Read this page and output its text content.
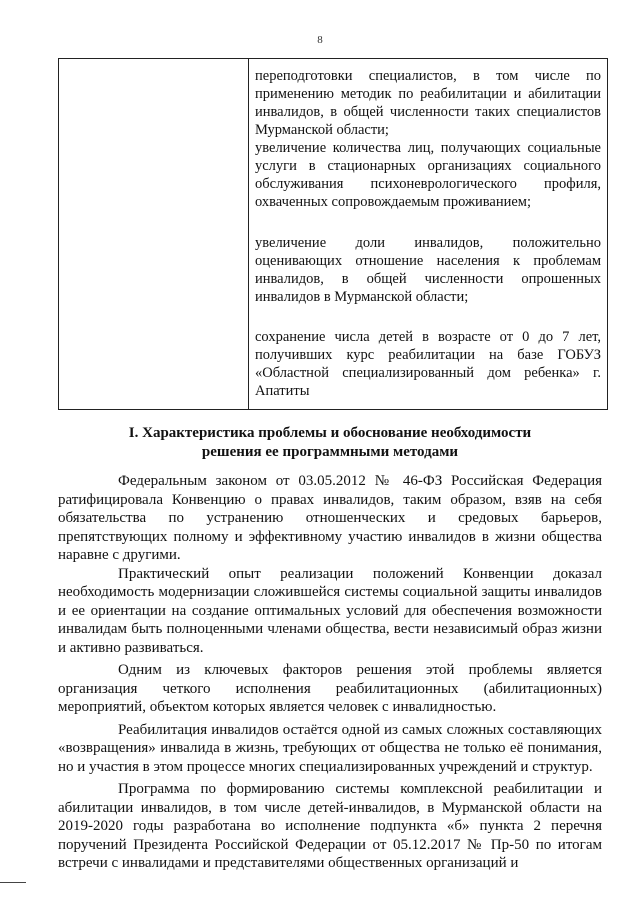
8
переподготовки специалистов, в том числе по применению методик по реабилитации и абилитации инвалидов, в общей численности таких специалистов Мурманской области;
увеличение количества лиц, получающих социальные услуги в стационарных организациях социального обслуживания психоневрологического профиля, охваченных сопровождаемым проживанием;
увеличение доли инвалидов, положительно оценивающих отношение населения к проблемам инвалидов, в общей численности опрошенных инвалидов в Мурманской области;
сохранение числа детей в возрасте от 0 до 7 лет, получивших курс реабилитации на базе ГОБУЗ «Областной специализированный дом ребенка» г. Апатиты
I. Характеристика проблемы и обоснование необходимости
решения ее программными методами

Федеральным законом от 03.05.2012 № 46-ФЗ Российская Федерация ратифицировала Конвенцию о правах инвалидов, таким образом, взяв на себя обязательства по устранению отношенческих и средовых барьеров, препятствующих полному и эффективному участию инвалидов в жизни общества наравне с другими.

Практический опыт реализации положений Конвенции доказал необходимость модернизации сложившейся системы социальной защиты инвалидов и ее ориентации на создание оптимальных условий для обеспечения возможности инвалидам быть полноценными членами общества, вести независимый образ жизни и активно развиваться.

Одним из ключевых факторов решения этой проблемы является организация четкого исполнения реабилитационных (абилитационных) мероприятий, объектом которых является человек с инвалидностью.

Реабилитация инвалидов остаётся одной из самых сложных составляющих «возвращения» инвалида в жизнь, требующих от общества не только её понимания, но и участия в этом процессе многих специализированных учреждений и структур.

Программа по формированию системы комплексной реабилитации и абилитации инвалидов, в том числе детей-инвалидов, в Мурманской области на 2019-2020 годы разработана во исполнение подпункта «б» пункта 2 перечня поручений Президента Российской Федерации от 05.12.2017 № Пр-50 по итогам встречи с инвалидами и представителями общественных организаций и
